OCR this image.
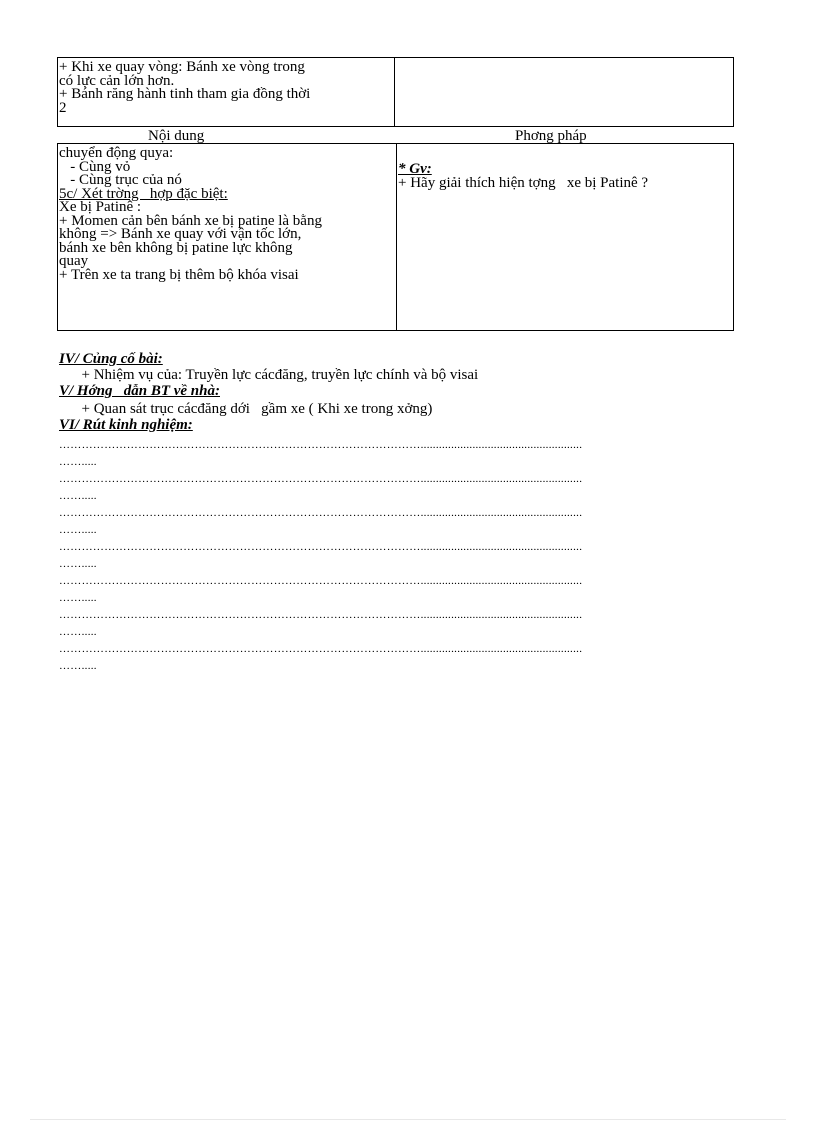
+ Khi xe quay vòng: Bánh xe vòng trong
có lực cản lớn hơn.
+ Bánh răng hành tinh tham gia đồng thời
2
Nội dung	Phơng pháp
chuyển động quya:
- Cùng vỏ
- Cùng trục của nó
5c/ Xét trờng   hợp đặc biệt:
Xe bị Patinê :
+ Momen cản bên bánh xe bị patine là bằng
không => Bánh xe quay với vận tốc lớn,
bánh xe bên không bị patine lực không
quay
+ Trên xe ta trang bị thêm bộ khóa visai
* Gv:
+ Hãy giải thích hiện tợng   xe bị Patinê ?
IV/ Củng cố bài:
+ Nhiệm vụ của: Truyền lực cácđăng, truyền lực chính và bộ visai
V/ Hớng   dẫn BT về nhà:
+ Quan sát trục cácđăng dới   gầm xe ( Khi xe trong xởng)
VI/ Rút kinh nghiệm:
…………………………………………………………………………………….....................................................
…….....
…………………………………………………………………………………….....................................................
…….....
…………………………………………………………………………………….....................................................
…….....
…………………………………………………………………………………….....................................................
…….....
…………………………………………………………………………………….....................................................
…….....
…………………………………………………………………………………….....................................................
…….....
…………………………………………………………………………………….....................................................
…….....
